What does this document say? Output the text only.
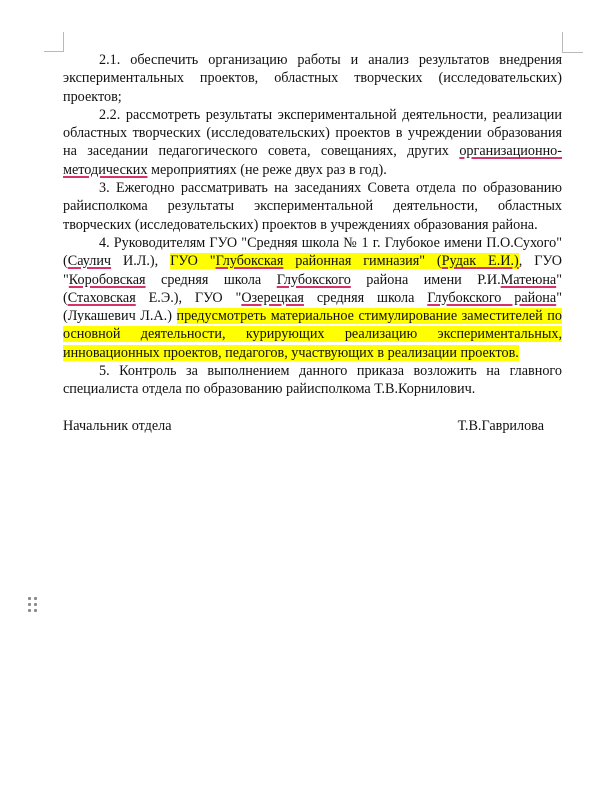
2.1. обеспечить организацию работы и анализ результатов внедрения экспериментальных проектов, областных творческих (исследовательских) проектов;

2.2. рассмотреть результаты экспериментальной деятельности, реализации областных творческих (исследовательских) проектов в учреждении образования на заседании педагогического совета, совещаниях, других организационно-методических мероприятиях (не реже двух раз в год).

3. Ежегодно рассматривать на заседаниях Совета отдела по образованию райисполкома результаты экспериментальной деятельности, областных творческих (исследовательских) проектов в учреждениях образования района.

4. Руководителям ГУО "Средняя школа № 1 г. Глубокое имени П.О.Сухого" (Саулич И.Л.), ГУО "Глубокская районная гимназия" (Рудак Е.И.), ГУО "Коробовская средняя школа Глубокского района имени Р.И.Матеюна" (Стаховская Е.Э.), ГУО "Озерецкая средняя школа Глубокского района" (Лукашевич Л.А.) предусмотреть материальное стимулирование заместителей по основной деятельности, курирующих реализацию экспериментальных, инновационных проектов, педагогов, участвующих в реализации проектов.

5. Контроль за выполнением данного приказа возложить на главного специалиста отдела по образованию райисполкома Т.В.Корнилович.

Начальник отдела	Т.В.Гаврилова
